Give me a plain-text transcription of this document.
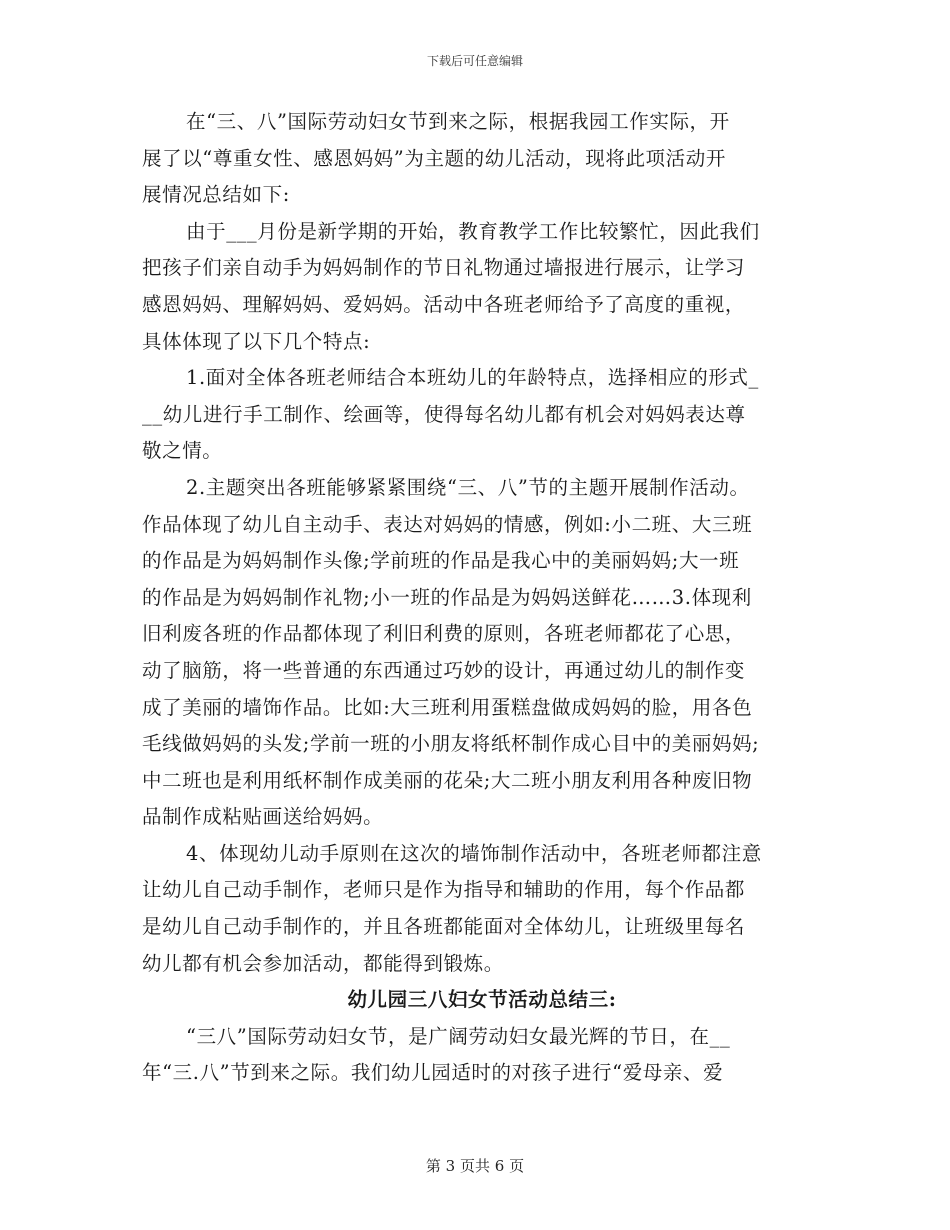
下载后可任意编辑
在“三、八”国际劳动妇女节到来之际，根据我园工作实际，开
展了以“尊重女性、感恩妈妈”为主题的幼儿活动，现将此项活动开
展情况总结如下:
由于___月份是新学期的开始，教育教学工作比较繁忙，因此我们
把孩子们亲自动手为妈妈制作的节日礼物通过墙报进行展示，让学习
感恩妈妈、理解妈妈、爱妈妈。活动中各班老师给予了高度的重视，
具体体现了以下几个特点:
1.面对全体各班老师结合本班幼儿的年龄特点，选择相应的形式_
__幼儿进行手工制作、绘画等，使得每名幼儿都有机会对妈妈表达尊
敬之情。
2.主题突出各班能够紧紧围绕“三、八”节的主题开展制作活动。
作品体现了幼儿自主动手、表达对妈妈的情感，例如:小二班、大三班
的作品是为妈妈制作头像;学前班的作品是我心中的美丽妈妈;大一班
的作品是为妈妈制作礼物;小一班的作品是为妈妈送鲜花……3.体现利
旧利废各班的作品都体现了利旧利费的原则，各班老师都花了心思，
动了脑筋，将一些普通的东西通过巧妙的设计，再通过幼儿的制作变
成了美丽的墙饰作品。比如:大三班利用蛋糕盘做成妈妈的脸，用各色
毛线做妈妈的头发;学前一班的小朋友将纸杯制作成心目中的美丽妈妈;
中二班也是利用纸杯制作成美丽的花朵;大二班小朋友利用各种废旧物
品制作成粘贴画送给妈妈。
4、体现幼儿动手原则在这次的墙饰制作活动中，各班老师都注意
让幼儿自己动手制作，老师只是作为指导和辅助的作用，每个作品都
是幼儿自己动手制作的，并且各班都能面对全体幼儿，让班级里每名
幼儿都有机会参加活动，都能得到锻炼。
幼儿园三八妇女节活动总结三:
“三八”国际劳动妇女节，是广阔劳动妇女最光辉的节日，在__
年“三.八”节到来之际。我们幼儿园适时的对孩子进行“爱母亲、爱
第 3 页共 6 页
